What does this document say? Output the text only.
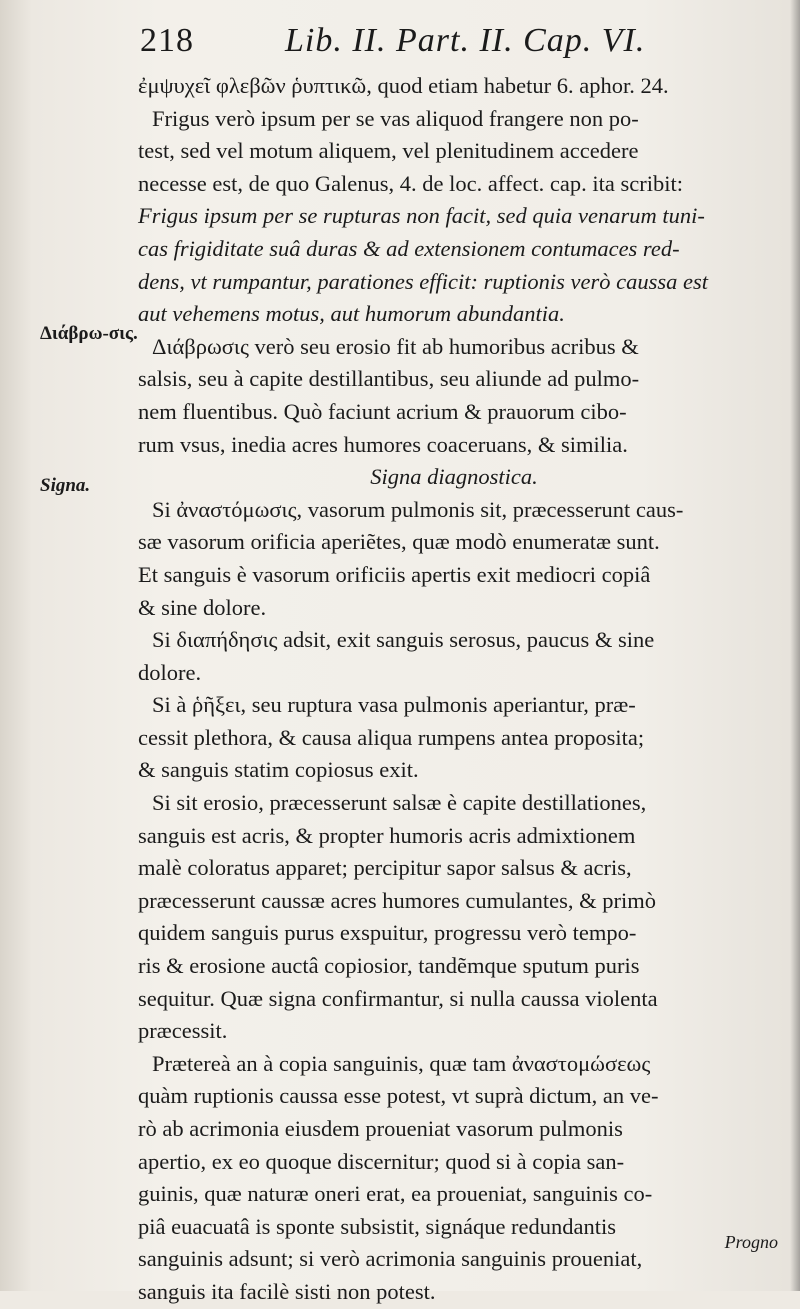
218	Lib. II. Part. II. Cap. VI.
Διάβρω-σις.
Signa.
ἐμψυχεῖ φλεβῶν ῥυπτικῶ, quod etiam habetur 6. aphor. 24.
Frigus verò ipsum per se vas aliquod frangere non po-
test, sed vel motum aliquem, vel plenitudinem accedere
necesse est, de quo Galenus, 4. de loc. affect. cap. ita scribit:
Frigus ipsum per se rupturas non facit, sed quia venarum tuni-
cas frigiditate suâ duras & ad extensionem contumaces red-
dens, vt rumpantur, parationes efficit: ruptionis verò caussa est
aut vehemens motus, aut humorum abundantia.
Διάβρωσις verò seu erosio fit ab humoribus acribus &
salsis, seu à capite destillantibus, seu aliunde ad pulmo-
nem fluentibus. Quò faciunt acrium & prauorum cibo-
rum vsus, inedia acres humores coaceruans, & similia.
Signa diagnostica.
Si ἀναστόμωσις, vasorum pulmonis sit, præcesserunt caus-
sæ vasorum orificia aperiẽtes, quæ modò enumeratæ sunt.
Et sanguis è vasorum orificiis apertis exit mediocri copiâ
& sine dolore.
Si διαπήδησις adsit, exit sanguis serosus, paucus & sine
dolore.
Si à ῥῆξει, seu ruptura vasa pulmonis aperiantur, præ-
cessit plethora, & causa aliqua rumpens antea proposita;
& sanguis statim copiosus exit.
Si sit erosio, præcesserunt salsæ è capite destillationes,
sanguis est acris, & propter humoris acris admixtionem
malè coloratus apparet; percipitur sapor salsus & acris,
præcesserunt caussæ acres humores cumulantes, & primò
quidem sanguis purus exspuitur, progressu verò tempo-
ris & erosione auctâ copiosior, tandẽmque sputum puris
sequitur. Quæ signa confirmantur, si nulla caussa violenta
præcessit.
Prætereà an à copia sanguinis, quæ tam ἀναστομώσεως
quàm ruptionis caussa esse potest, vt suprà dictum, an ve-
rò ab acrimonia eiusdem proueniat vasorum pulmonis
apertio, ex eo quoque discernitur; quod si à copia san-
guinis, quæ naturæ oneri erat, ea proueniat, sanguinis co-
piâ euacuatâ is sponte subsistit, signáque redundantis
sanguinis adsunt; si verò acrimonia sanguinis proueniat,
sanguis ita facilè sisti non potest.
Progno
